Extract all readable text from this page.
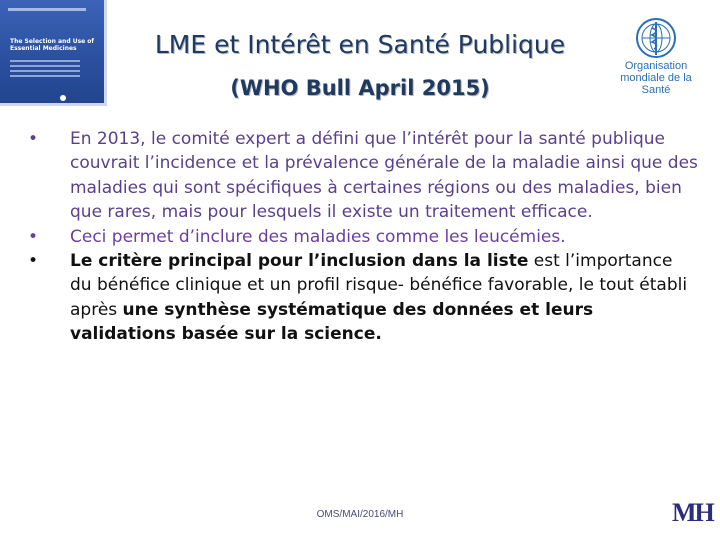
The Selection and Use of Essential Medicines	LME et Intérêt en Santé Publique
(WHO Bull April 2015)
Organisation mondiale de la Santé
•	En 2013, le comité expert a défini que l’intérêt pour la santé publique couvrait l’incidence et la prévalence générale de la maladie ainsi que des maladies qui sont spécifiques à certaines régions ou des maladies, bien que rares, mais pour lesquels il existe un traitement efficace.
•	Ceci permet d’inclure des maladies comme les leucémies.
•	Le critère principal pour l’inclusion dans la liste est l’importance du bénéfice clinique et un profil risque- bénéfice favorable, le tout établi après une synthèse systématique des données et leurs validations basée sur la science.
OMS/MAI/2016/MH	MH
